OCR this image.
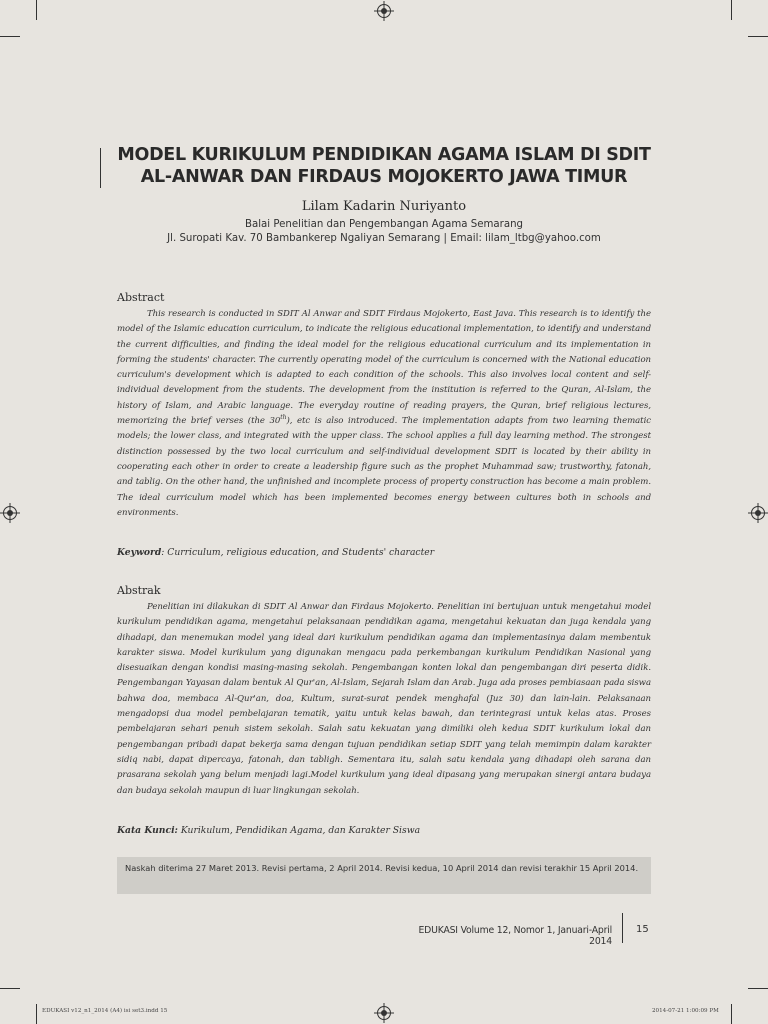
MODEL KURIKULUM PENDIDIKAN AGAMA ISLAM DI SDIT
AL-ANWAR DAN FIRDAUS MOJOKERTO JAWA TIMUR
Lilam Kadarin Nuriyanto
Balai Penelitian dan Pengembangan Agama Semarang
Jl. Suropati Kav. 70 Bambankerep Ngaliyan Semarang | Email: lilam_ltbg@yahoo.com
Abstract
This research is conducted in SDIT Al Anwar and SDIT Firdaus Mojokerto, East Java. This research is to identify the model of the Islamic education curriculum, to indicate the religious educational implementation, to identify and understand the current difficulties, and finding the ideal model for the religious educational curriculum and its implementation in forming the students' character. The currently operating model of the curriculum is concerned with the National education curriculum's development which is adapted to each condition of the schools. This also involves local content and self-individual development from the students. The development from the institution is referred to the Quran, Al-Islam, the history of Islam, and Arabic language. The everyday routine of reading prayers, the Quran, brief religious lectures, memorizing the brief verses (the 30th), etc is also introduced. The implementation adapts from two learning thematic models; the lower class, and integrated with the upper class. The school applies a full day learning method. The strongest distinction possessed by the two local curriculum and self-individual development SDIT is located by their ability in cooperating each other in order to create a leadership figure such as the prophet Muhammad saw; trustworthy, fatonah, and tablig. On the other hand, the unfinished and incomplete process of property construction has become a main problem. The ideal curriculum model which has been implemented becomes energy between cultures both in schools and environments.
Keyword: Curriculum, religious education, and Students' character
Abstrak
Penelitian ini dilakukan di SDIT Al Anwar dan Firdaus Mojokerto. Penelitian ini bertujuan untuk mengetahui model kurikulum pendidikan agama, mengetahui pelaksanaan pendidikan agama, mengetahui kekuatan dan juga kendala yang dihadapi, dan menemukan model yang ideal dari kurikulum pendidikan agama dan implementasinya dalam membentuk karakter siswa. Model kurikulum yang digunakan mengacu pada perkembangan kurikulum Pendidikan Nasional yang disesuaikan dengan kondisi masing-masing sekolah. Pengembangan konten lokal dan pengembangan diri peserta didik. Pengembangan Yayasan dalam bentuk Al Qur'an, Al-Islam, Sejarah Islam dan Arab. Juga ada proses pembiasaan pada siswa bahwa doa, membaca Al-Qur'an, doa, Kultum, surat-surat pendek menghafal (Juz 30) dan lain-lain. Pelaksanaan mengadopsi dua model pembelajaran tematik, yaitu untuk kelas bawah, dan terintegrasi untuk kelas atas. Proses pembelajaran sehari penuh sistem sekolah. Salah satu kekuatan yang dimiliki oleh kedua SDIT kurikulum lokal dan pengembangan pribadi dapat bekerja sama dengan tujuan pendidikan setiap SDIT yang telah memimpin dalam karakter sidiq nabi, dapat dipercaya, fatonah, dan tabligh. Sementara itu, salah satu kendala yang dihadapi oleh sarana dan prasarana sekolah yang belum menjadi lagi.Model kurikulum yang ideal dipasang yang merupakan sinergi antara budaya dan budaya sekolah maupun di luar lingkungan sekolah.
Kata Kunci: Kurikulum, Pendidikan Agama, dan Karakter Siswa
Naskah diterima 27 Maret 2013. Revisi pertama, 2 April 2014. Revisi kedua, 10 April 2014 dan revisi terakhir 15 April 2014.
EDUKASI Volume 12, Nomor 1, Januari-April 2014
15
EDUKASI v12_n1_2014 (A4) isi set3.indd 15	2014-07-21 1:00:09 PM
